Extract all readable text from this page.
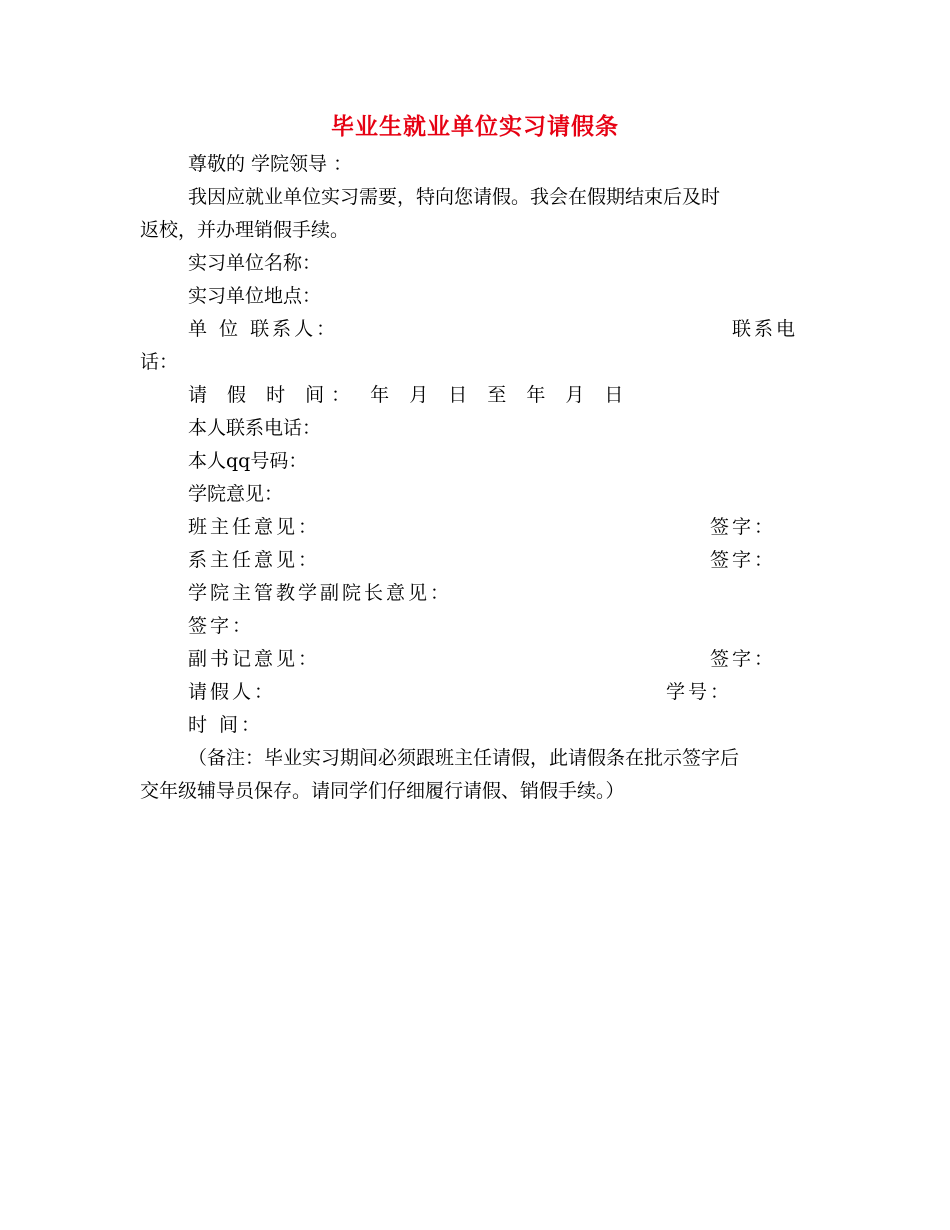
毕业生就业单位实习请假条
尊敬的 学院领导 ：
我因应就业单位实习需要，特向您请假。我会在假期结束后及时
返校，并办理销假手续。
实习单位名称：
实习单位地点：
单 位 联系人：	联系电
话：
请 假 时 间： 年 月 日 至 年 月 日
本人联系电话：
本人qq号码：
学院意见：
班主任意见：	签字：
系主任意见：	签字：
学院主管教学副院长意见：
签字：
副书记意见：	签字：
请假人：	学号：
时 间：
（备注：毕业实习期间必须跟班主任请假，此请假条在批示签字后
交年级辅导员保存。请同学们仔细履行请假、销假手续。）
